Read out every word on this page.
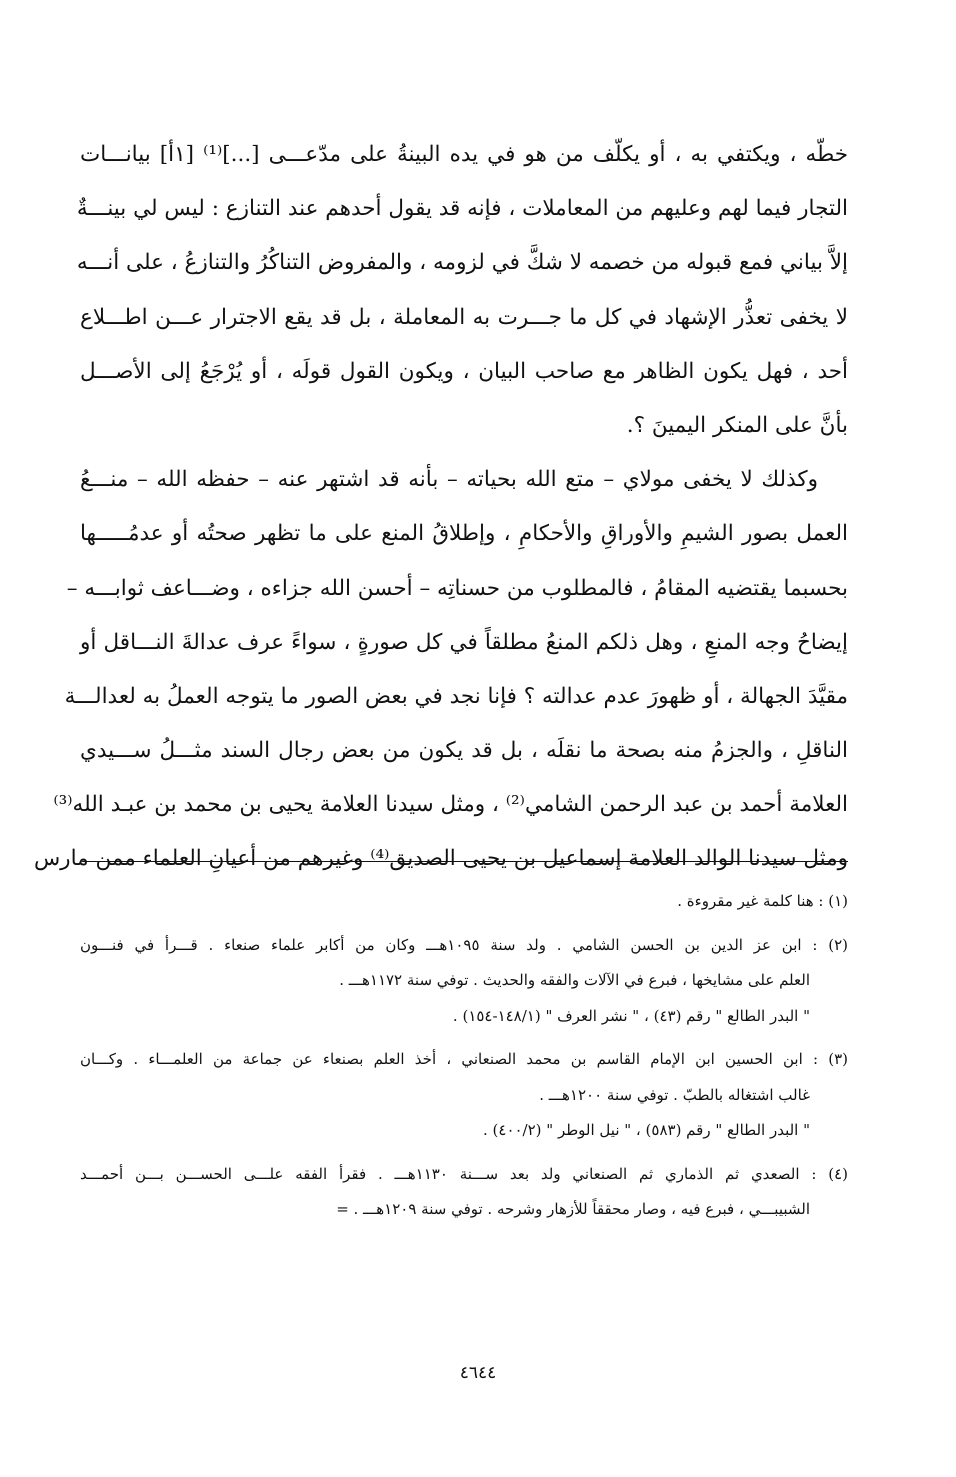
خطّه ، ويكتفي به ، أو يكلّف من هو في يده البينةُ على مدّعـــى [...]⁽¹⁾ [١أ] بيانـــات
التجار فيما لهم وعليهم من المعاملات ، فإنه قد يقول أحدهم عند التنازع : ليس لي بينـــةٌ
إلاَّ بياني فمع قبوله من خصمه لا شكَّ في لزومه ، والمفروض التناكُرُ والتنازعُ ، على أنـــه
لا يخفى تعذُّر الإشهاد في كل ما جـــرت به المعاملة ، بل قد يقع الاجترار عـــن اطـــلاع
أحد ، فهل يكون الظاهر مع صاحب البيان ، ويكون القول قولَه ، أو يُرْجَعُ إلى الأصـــل
بأنَّ على المنكر اليمينَ ؟.
وكذلك لا يخفى مولاي – متع الله بحياته – بأنه قد اشتهر عنه – حفظه الله – منـــعُ
العمل بصور الشيمِ والأوراقِ والأحكامِ ، وإطلاقُ المنع على ما تظهر صحتُه أو عدمُـــــها
بحسبما يقتضيه المقامُ ، فالمطلوب من حسناتِه – أحسن الله جزاءه ، وضـــاعف ثوابـــه –
إيضاحُ وجه المنعِ ، وهل ذلكم المنعُ مطلقاً في كل صورةٍ ، سواءً عرف عدالةَ النـــاقل أو
مقيَّدَ الجهالة ، أو ظهورَ عدم عدالته ؟ فإنا نجد في بعض الصور ما يتوجه العملُ به لعدالـــة
الناقلِ ، والجزمُ منه بصحة ما نقلَه ، بل قد يكون من بعض رجال السند مثـــلُ ســـيدي
العلامة أحمد بن عبد الرحمن الشامي⁽²⁾ ، ومثل سيدنا العلامة يحيى بن محمد بن عبـد الله⁽³⁾
ومثل سيدنا الوالد العلامة إسماعيل بن يحيى الصديق⁽⁴⁾ وغيرهم من أعيانِ العلماء ممن مارس
(١) : هنا كلمة غير مقروءة .
(٢) : ابن عز الدين بن الحسن الشامي . ولد سنة ١٠٩٥هـــ وكان من أكابر علماء صنعاء . قـــرأ في فنـــون
العلم على مشايخها ، فبرع في الآلات والفقه والحديث . توفي سنة ١١٧٢هـــ .
" البدر الطالع " رقم (٤٣) ، " نشر العرف " (١٤٨/١-١٥٤) .
(٣) : ابن الحسين ابن الإمام القاسم بن محمد الصنعاني ، أخذ العلم بصنعاء عن جماعة من العلمـــاء . وكـــان
غالب اشتغاله بالطبّ . توفي سنة ١٢٠٠هـــ .
" البدر الطالع " رقم (٥٨٣) ، " نيل الوطر " (٤٠٠/٢) .
(٤) : الصعدي ثم الذماري ثم الصنعاني ولد بعد ســـنة ١١٣٠هـــ . فقرأ الفقه علـــى الحســـن بـــن أحمـــد
الشبيبـــي ، فبرع فيه ، وصار محققاً للأزهار وشرحه . توفي سنة ١٢٠٩هـــ . =
٤٦٤٤
